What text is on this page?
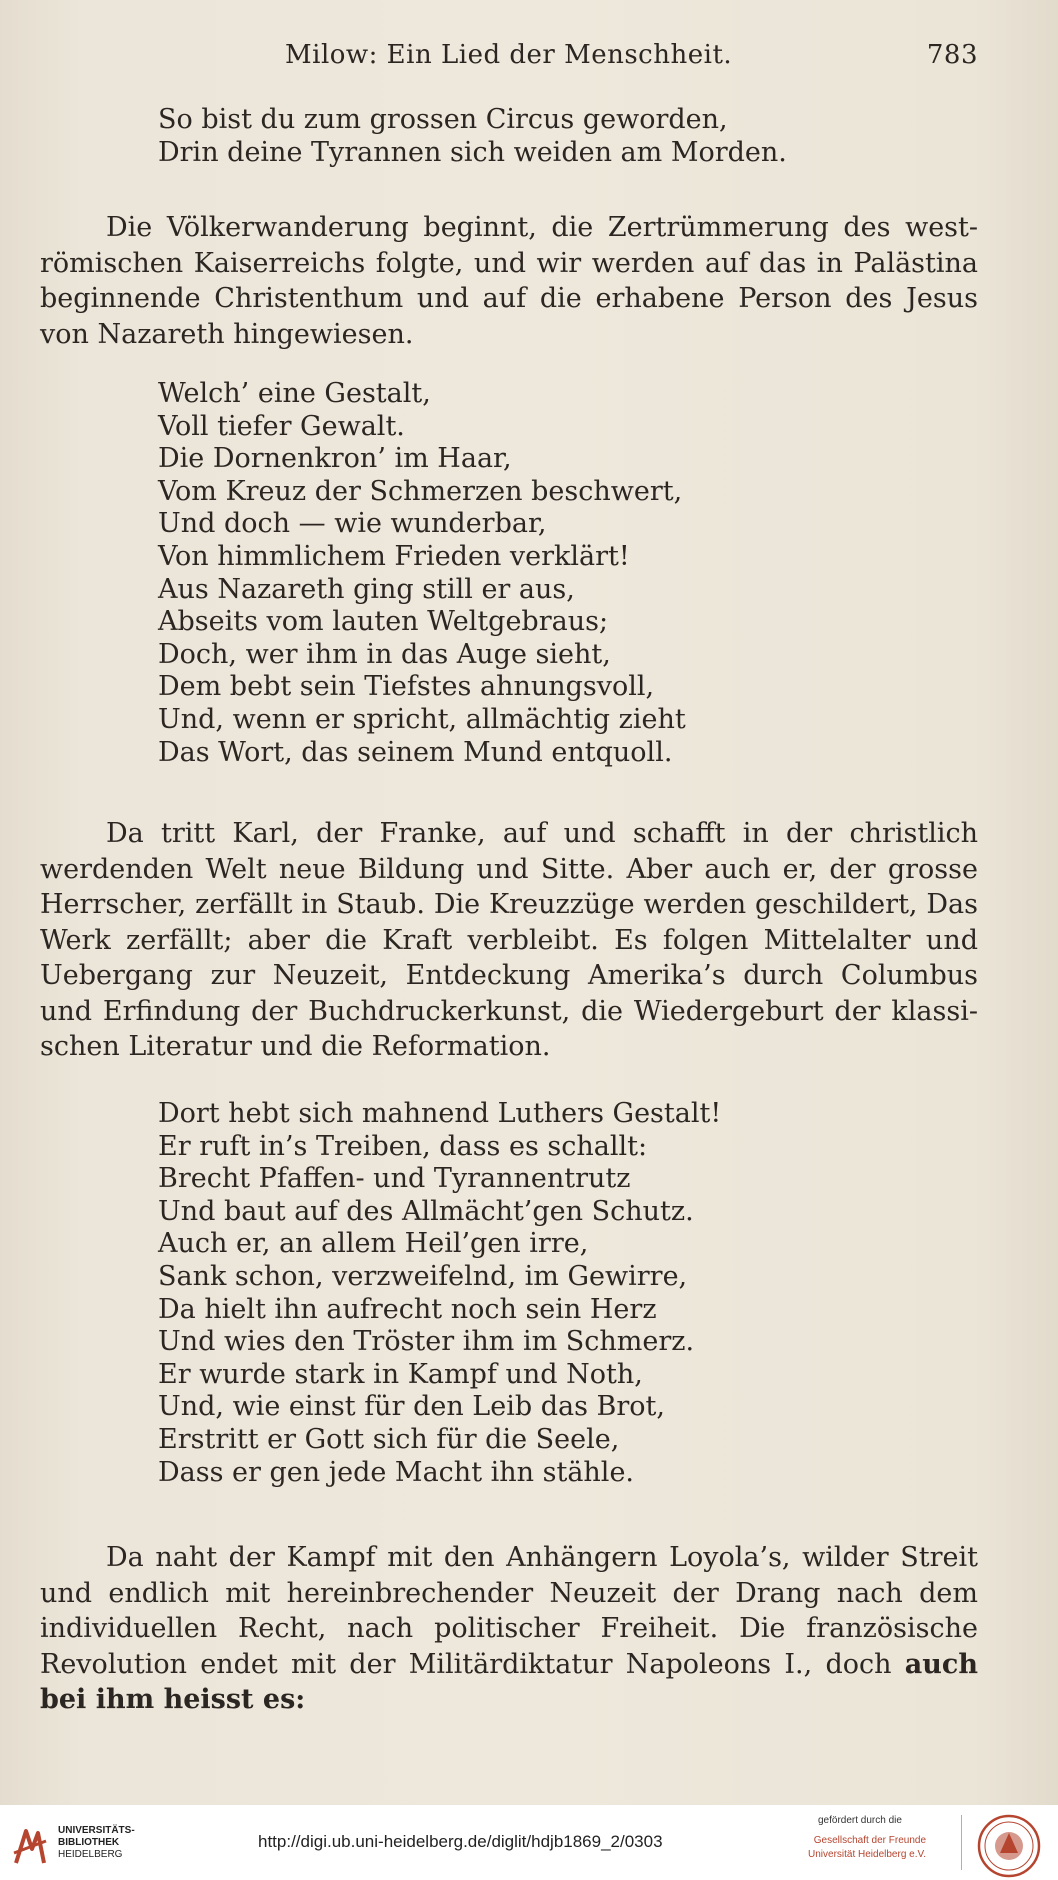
Milow: Ein Lied der Menschheit.	783
So bist du zum grossen Circus geworden,
Drin deine Tyrannen sich weiden am Morden.
Die Völkerwanderung beginnt, die Zertrümmerung des west-römischen Kaiserreichs folgte, und wir werden auf das in Palästina beginnende Christenthum und auf die erhabene Person des Jesus von Nazareth hingewiesen.
Welch’ eine Gestalt,
Voll tiefer Gewalt.
Die Dornenkron’ im Haar,
Vom Kreuz der Schmerzen beschwert,
Und doch — wie wunderbar,
Von himmlichem Frieden verklärt!
Aus Nazareth ging still er aus,
Abseits vom lauten Weltgebraus;
Doch, wer ihm in das Auge sieht,
Dem bebt sein Tiefstes ahnungsvoll,
Und, wenn er spricht, allmächtig zieht
Das Wort, das seinem Mund entquoll.
Da tritt Karl, der Franke, auf und schafft in der christlich werdenden Welt neue Bildung und Sitte. Aber auch er, der grosse Herrscher, zerfällt in Staub. Die Kreuzzüge werden geschildert, Das Werk zerfällt; aber die Kraft verbleibt. Es folgen Mittelalter und Uebergang zur Neuzeit, Entdeckung Amerika’s durch Columbus und Erfindung der Buchdruckerkunst, die Wiedergeburt der klassi-schen Literatur und die Reformation.
Dort hebt sich mahnend Luthers Gestalt!
Er ruft in’s Treiben, dass es schallt:
Brecht Pfaffen- und Tyrannentrutz
Und baut auf des Allmächt’gen Schutz.
Auch er, an allem Heil’gen irre,
Sank schon, verzweifelnd, im Gewirre,
Da hielt ihn aufrecht noch sein Herz
Und wies den Tröster ihm im Schmerz.
Er wurde stark in Kampf und Noth,
Und, wie einst für den Leib das Brot,
Erstritt er Gott sich für die Seele,
Dass er gen jede Macht ihn stähle.
Da naht der Kampf mit den Anhängern Loyola’s, wilder Streit und endlich mit hereinbrechender Neuzeit der Drang nach dem individuellen Recht, nach politischer Freiheit. Die französische Revolution endet mit der Militärdiktatur Napoleons I., doch auch bei ihm heisst es:
UNIVERSITÄTS-
BIBLIOTHEK
HEIDELBERG
http://digi.ub.uni-heidelberg.de/diglit/hdjb1869_2/0303
gefördert durch die
Gesellschaft der Freunde
Universität Heidelberg e.V.
